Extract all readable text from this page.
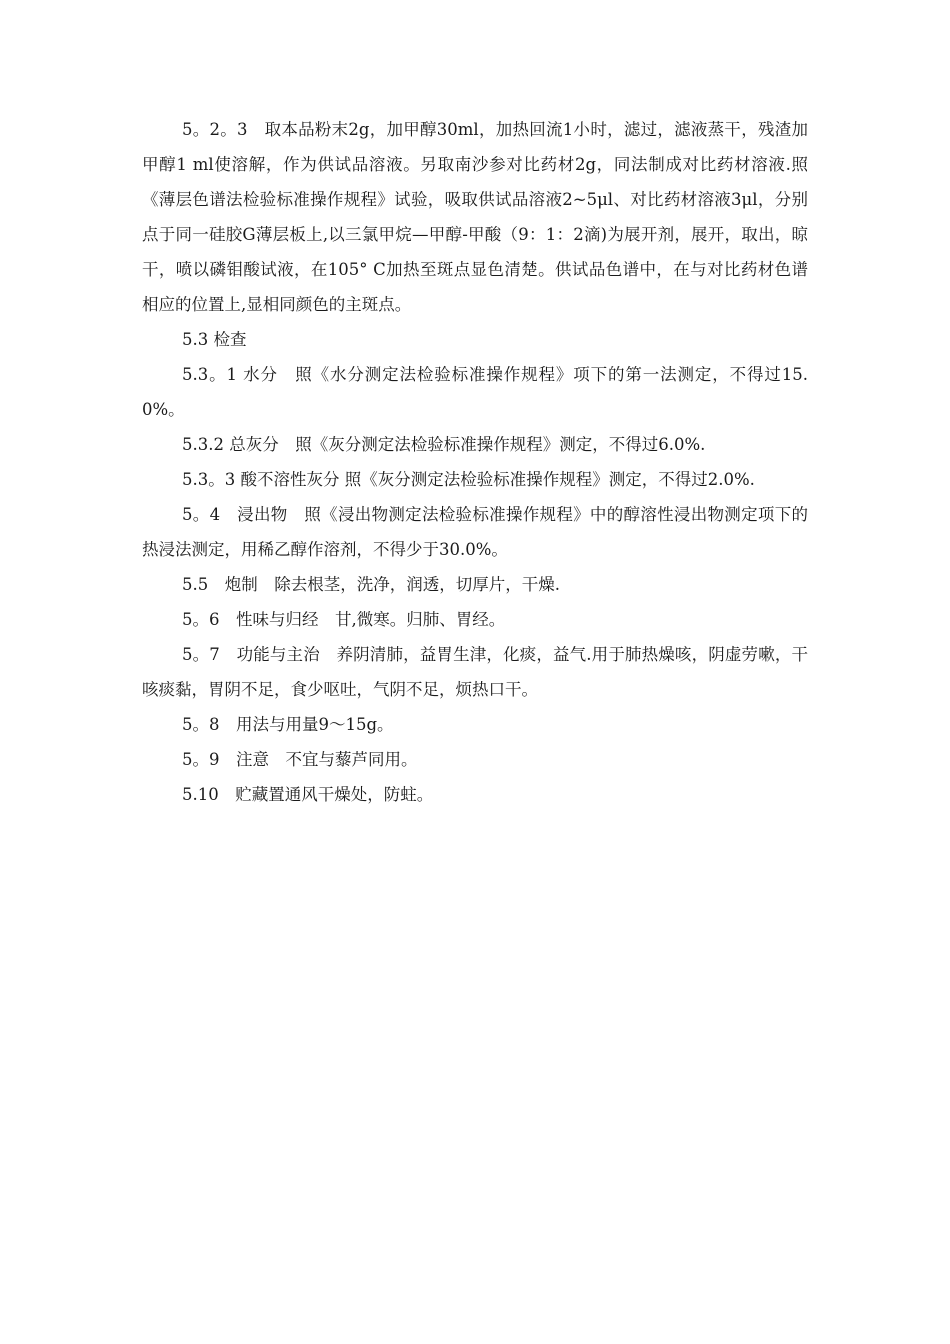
5。2。3　取本品粉末2g，加甲醇30ml，加热回流1小时，滤过，滤液蒸干，残渣加甲醇1 ml使溶解，作为供试品溶液。另取南沙参对比药材2g，同法制成对比药材溶液.照《薄层色谱法检验标准操作规程》试验，吸取供试品溶液2~5μl、对比药材溶液3μl，分别点于同一硅胶G薄层板上,以三氯甲烷—甲醇-甲酸（9：1：2滴)为展开剂，展开，取出，晾干，喷以磷钼酸试液，在105° C加热至斑点显色清楚。供试品色谱中，在与对比药材色谱相应的位置上,显相同颜色的主斑点。

5.3 检查

5.3。1 水分　照《水分测定法检验标准操作规程》项下的第一法测定，不得过15.0%。

5.3.2 总灰分　照《灰分测定法检验标准操作规程》测定，不得过6.0%.

5.3。3 酸不溶性灰分 照《灰分测定法检验标准操作规程》测定，不得过2.0%.

5。4　浸出物　照《浸出物测定法检验标准操作规程》中的醇溶性浸出物测定项下的热浸法测定，用稀乙醇作溶剂，不得少于30.0%。

5.5　炮制　除去根茎，洗净，润透，切厚片，干燥.

5。6　性味与归经　甘,微寒。归肺、胃经。

5。7　功能与主治　养阴清肺，益胃生津，化痰，益气.用于肺热燥咳，阴虚劳嗽，干咳痰黏，胃阴不足，食少呕吐，气阴不足，烦热口干。

5。8　用法与用量9～15g。

5。9　注意　不宜与藜芦同用。

5.10　贮藏置通风干燥处，防蛀。
